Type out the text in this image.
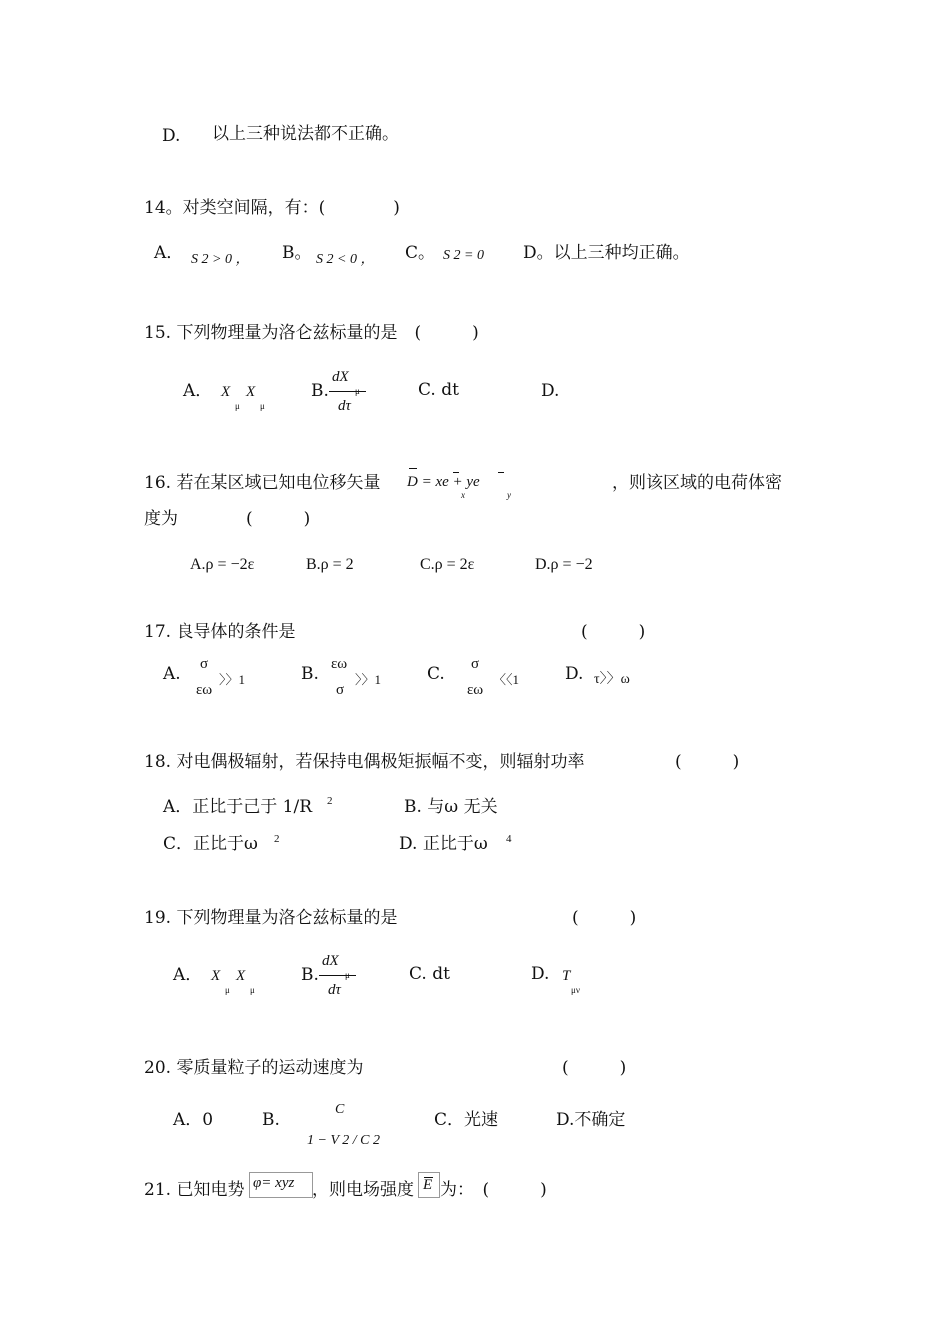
D. 以上三种说法都不正确。
14。对类空间隔，有：(　　　　)
A． S 2 > 0 ， B。 S 2 < 0 ， C。 S 2 = 0 D。以上三种均正确。
15. 下列物理量为洛仑兹标量的是　(　　　)
A． X
μ
X
μ
B.
dX
dτ
C. dt	D.
16. 若在某区域已知电位移矢量 D = xe + ye
x	y
，则该区域的电荷体密
度为　　　　(　　　)
A.ρ = −2ε	B.ρ = 2	C.ρ = 2ε	D.ρ = −2
17. 良导体的条件是	(　　　)
A. σ
εω
〉〉1	B. εω
σ
〉〉1	C. σ
εω
〈〈1	D. τ〉〉ω
18. 对电偶极辐射，若保持电偶极矩振幅不变，则辐射功率	(　　　)
A．正比于己于 1/R 2	B. 与ω 无关
C．正比于ω 2	D. 正比于ω 4
19. 下列物理量为洛仑兹标量的是	(　　　)
A． X
μ
X
μ
B.
dX
dτ
C. dt	D. T
μν
20. 零质量粒子的运动速度为	(　　　)
A．0	B.
C
1 − V 2 / C 2
C．光速	D.不确定
21. 已知电势 φ= xyz ，则电场强度 E 为：　(　　　)
